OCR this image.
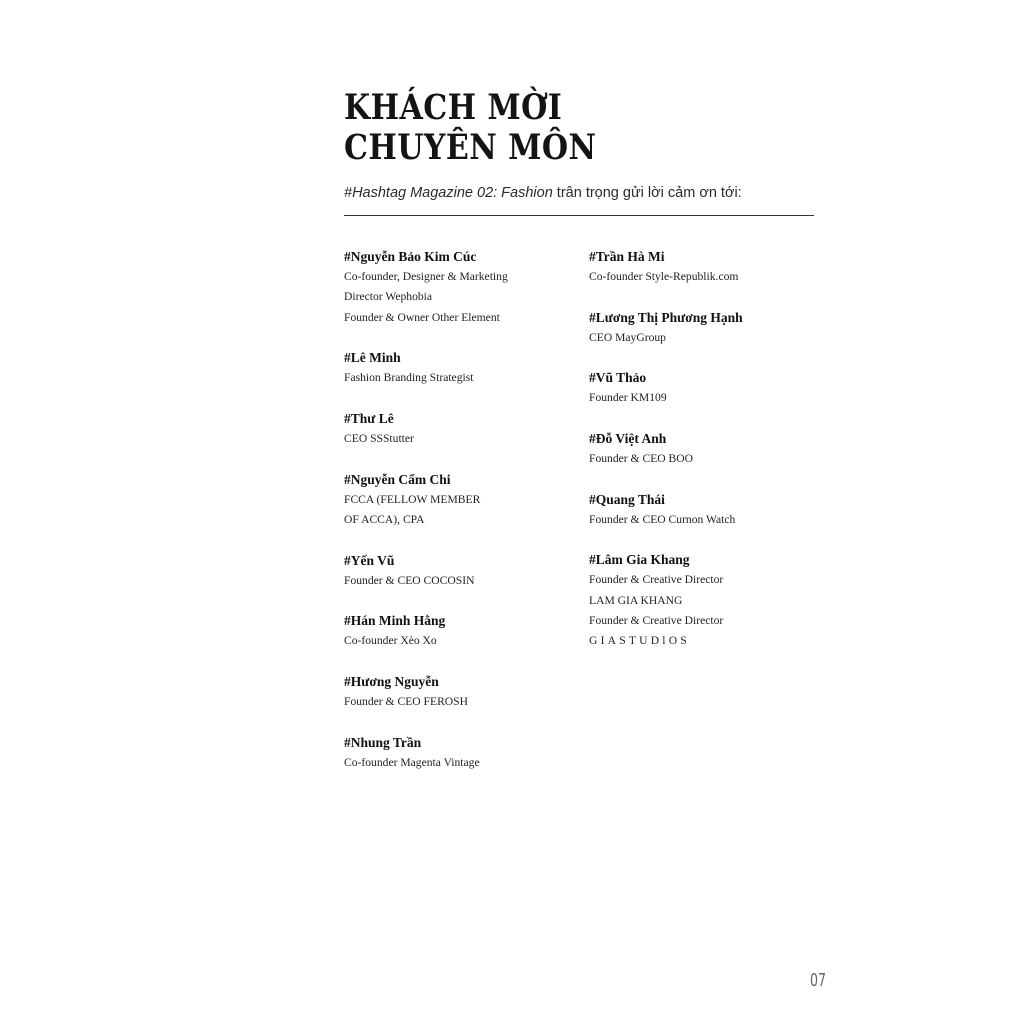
KHÁCH MỜI
CHUYÊN MÔN
#Hashtag Magazine 02: Fashion trân trọng gửi lời cảm ơn tới:
#Nguyễn Bảo Kim Cúc
Co-founder, Designer & Marketing
Director Wephobia
Founder & Owner Other Element
#Lê Minh
Fashion Branding Strategist
#Thư Lê
CEO SSStutter
#Nguyễn Cẩm Chi
FCCA (FELLOW MEMBER
OF ACCA), CPA
#Yến Vũ
Founder & CEO COCOSIN
#Hán Minh Hằng
Co-founder Xèo Xo
#Hương Nguyễn
Founder & CEO FEROSH
#Nhung Trần
Co-founder Magenta Vintage
#Trần Hà Mi
Co-founder Style-Republik.com
#Lương Thị Phương Hạnh
CEO MayGroup
#Vũ Thảo
Founder KM109
#Đỗ Việt Anh
Founder & CEO BOO
#Quang Thái
Founder & CEO Curnon Watch
#Lâm Gia Khang
Founder & Creative Director
LAM GIA KHANG
Founder & Creative Director
GIASTUDlOS
07
